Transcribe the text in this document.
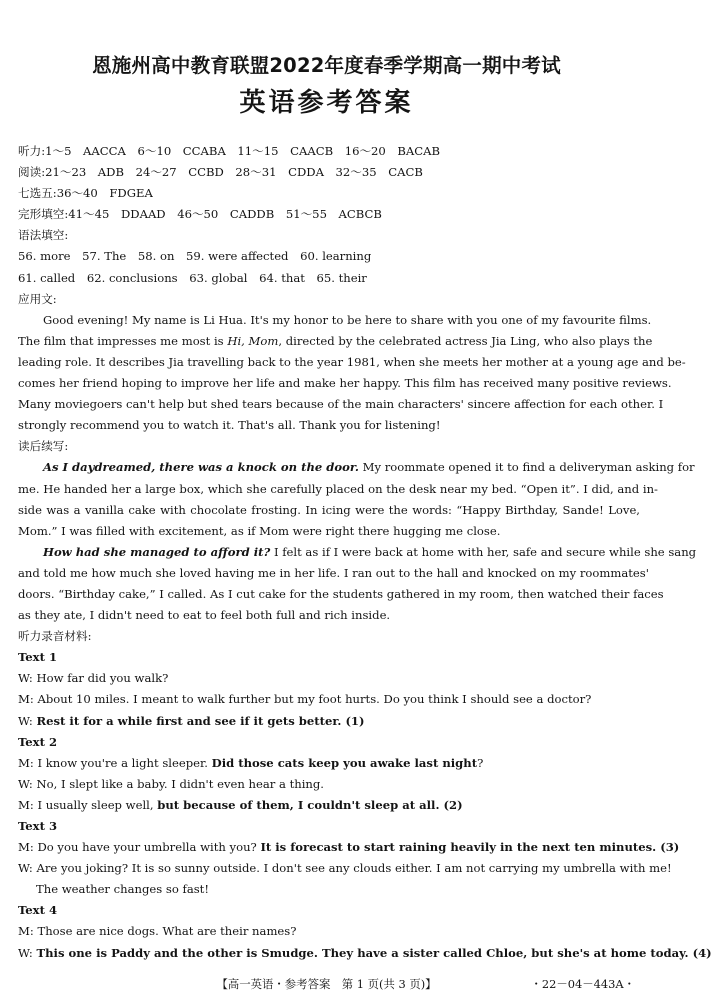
恩施州高中教育联盟2022年度春季学期高一期中考试
英语参考答案
听力:1～5　AACCA　6～10　CCABA　11～15　CAACB　16～20　BACAB
阅读:21～23　ADB　24～27　CCBD　28～31　CDDA　32～35　CACB
七选五:36～40　FDGEA
完形填空:41～45　DDAAD　46～50　CADDB　51～55　ACBCB
语法填空:
56. more　57. The　58. on　59. were affected　60. learning
61. called　62. conclusions　63. global　64. that　65. their
应用文:
Good evening! My name is Li Hua. It's my honor to be here to share with you one of my favourite films.
The film that impresses me most is Hi, Mom, directed by the celebrated actress Jia Ling, who also plays the
leading role. It describes Jia travelling back to the year 1981, when she meets her mother at a young age and be-
comes her friend hoping to improve her life and make her happy. This film has received many positive reviews.
Many moviegoers can't help but shed tears because of the main characters' sincere affection for each other. I
strongly recommend you to watch it. That's all. Thank you for listening!
读后续写:
As I daydreamed, there was a knock on the door. My roommate opened it to find a deliveryman asking for
me. He handed her a large box, which she carefully placed on the desk near my bed. “Open it”. I did, and in-
side was a vanilla cake with chocolate frosting. In icing were the words: “Happy Birthday, Sande! Love,
Mom.” I was filled with excitement, as if Mom were right there hugging me close.
How had she managed to afford it? I felt as if I were back at home with her, safe and secure while she sang
and told me how much she loved having me in her life. I ran out to the hall and knocked on my roommates'
doors. “Birthday cake,” I called. As I cut cake for the students gathered in my room, then watched their faces
as they ate, I didn't need to eat to feel both full and rich inside.
听力录音材料:
Text 1
W: How far did you walk?
M: About 10 miles. I meant to walk further but my foot hurts. Do you think I should see a doctor?
W: Rest it for a while first and see if it gets better. (1)
Text 2
M: I know you're a light sleeper. Did those cats keep you awake last night?
W: No, I slept like a baby. I didn't even hear a thing.
M: I usually sleep well, but because of them, I couldn't sleep at all. (2)
Text 3
M: Do you have your umbrella with you? It is forecast to start raining heavily in the next ten minutes. (3)
W: Are you joking? It is so sunny outside. I don't see any clouds either. I am not carrying my umbrella with me!
The weather changes so fast!
Text 4
M: Those are nice dogs. What are their names?
W: This one is Paddy and the other is Smudge. They have a sister called Chloe, but she's at home today. (4)
【高一英语・参考答案　第 1 页(共 3 页)】	・22－04－443A・
